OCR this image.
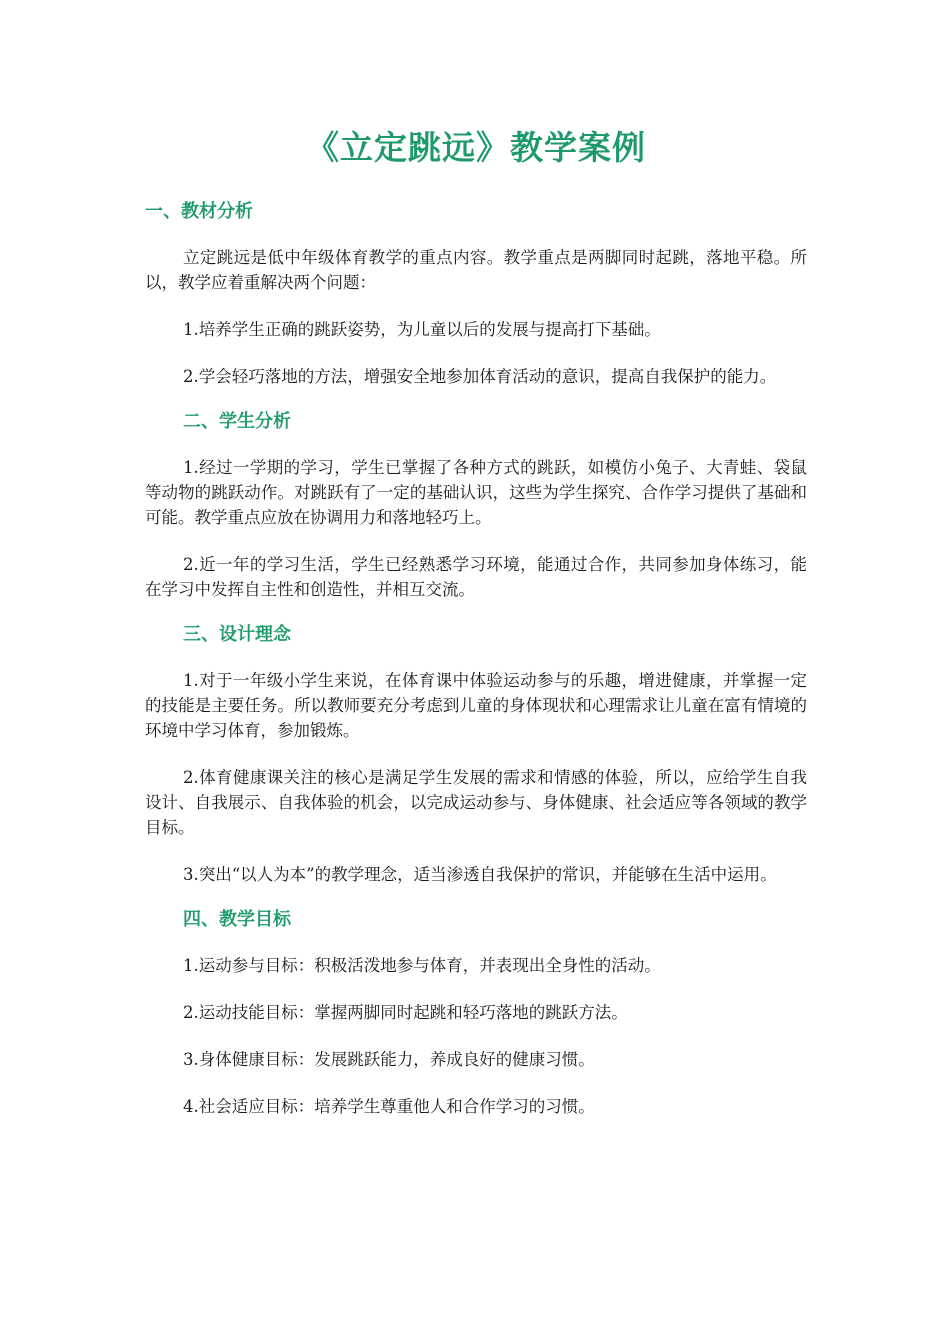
《立定跳远》教学案例
一、教材分析

立定跳远是低中年级体育教学的重点内容。教学重点是两脚同时起跳，落地平稳。所以，教学应着重解决两个问题：

1.培养学生正确的跳跃姿势，为儿童以后的发展与提高打下基础。

2.学会轻巧落地的方法，增强安全地参加体育活动的意识，提高自我保护的能力。

二、学生分析

1.经过一学期的学习，学生已掌握了各种方式的跳跃，如模仿小兔子、大青蛙、袋鼠等动物的跳跃动作。对跳跃有了一定的基础认识，这些为学生探究、合作学习提供了基础和可能。教学重点应放在协调用力和落地轻巧上。

2.近一年的学习生活，学生已经熟悉学习环境，能通过合作，共同参加身体练习，能在学习中发挥自主性和创造性，并相互交流。

三、设计理念

1.对于一年级小学生来说，在体育课中体验运动参与的乐趣，增进健康，并掌握一定的技能是主要任务。所以教师要充分考虑到儿童的身体现状和心理需求让儿童在富有情境的环境中学习体育，参加锻炼。

2.体育健康课关注的核心是满足学生发展的需求和情感的体验，所以，应给学生自我设计、自我展示、自我体验的机会，以完成运动参与、身体健康、社会适应等各领域的教学目标。

3.突出“以人为本”的教学理念，适当渗透自我保护的常识，并能够在生活中运用。

四、教学目标

1.运动参与目标：积极活泼地参与体育，并表现出全身性的活动。

2.运动技能目标：掌握两脚同时起跳和轻巧落地的跳跃方法。

3.身体健康目标：发展跳跃能力，养成良好的健康习惯。

4.社会适应目标：培养学生尊重他人和合作学习的习惯。
